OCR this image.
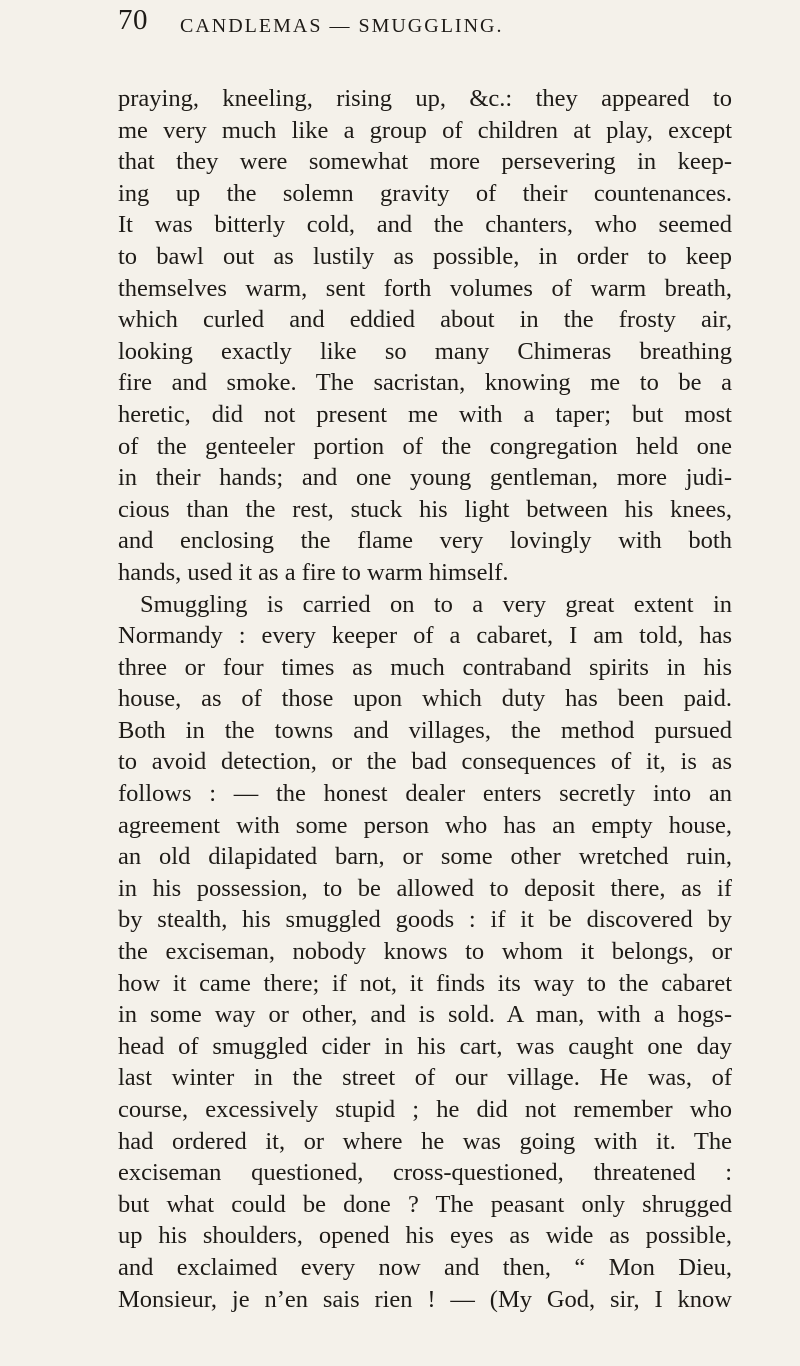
70 CANDLEMAS — SMUGGLING.
praying, kneeling, rising up, &c.: they appeared to
me very much like a group of children at play, except
that they were somewhat more persevering in keep-
ing up the solemn gravity of their countenances.
It was bitterly cold, and the chanters, who seemed
to bawl out as lustily as possible, in order to keep
themselves warm, sent forth volumes of warm breath,
which curled and eddied about in the frosty air,
looking exactly like so many Chimeras breathing
fire and smoke. The sacristan, knowing me to be a
heretic, did not present me with a taper; but most
of the genteeler portion of the congregation held one
in their hands; and one young gentleman, more judi-
cious than the rest, stuck his light between his knees,
and enclosing the flame very lovingly with both
hands, used it as a fire to warm himself.
Smuggling is carried on to a very great extent in
Normandy : every keeper of a cabaret, I am told, has
three or four times as much contraband spirits in his
house, as of those upon which duty has been paid.
Both in the towns and villages, the method pursued
to avoid detection, or the bad consequences of it, is as
follows : — the honest dealer enters secretly into an
agreement with some person who has an empty house,
an old dilapidated barn, or some other wretched ruin,
in his possession, to be allowed to deposit there, as if
by stealth, his smuggled goods : if it be discovered by
the exciseman, nobody knows to whom it belongs, or
how it came there; if not, it finds its way to the cabaret
in some way or other, and is sold. A man, with a hogs-
head of smuggled cider in his cart, was caught one day
last winter in the street of our village. He was, of
course, excessively stupid ; he did not remember who
had ordered it, or where he was going with it. The
exciseman questioned, cross-questioned, threatened :
but what could be done ? The peasant only shrugged
up his shoulders, opened his eyes as wide as possible,
and exclaimed every now and then, “ Mon Dieu,
Monsieur, je n’en sais rien ! — (My God, sir, I know
